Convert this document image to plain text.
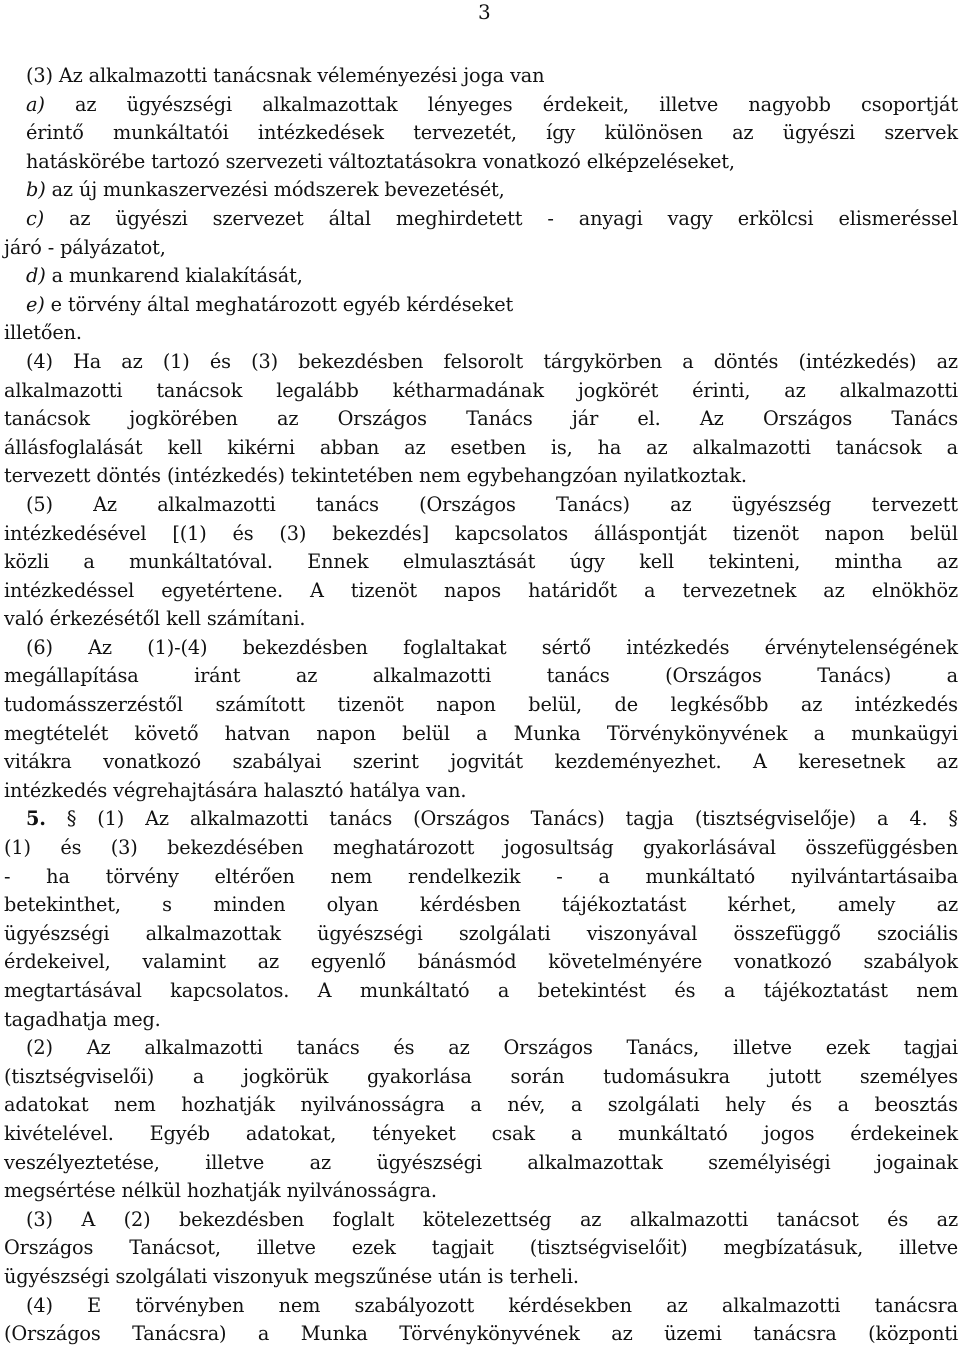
3
(3) Az alkalmazotti tanácsnak véleményezési joga van
a) az ügyészségi alkalmazottak lényeges érdekeit, illetve nagyobb csoportját
érintő munkáltatói intézkedések tervezetét, így különösen az ügyészi szervek
hatáskörébe tartozó szervezeti változtatásokra vonatkozó elképzeléseket,
b) az új munkaszervezési módszerek bevezetését,
c) az ügyészi szervezet által meghirdetett - anyagi vagy erkölcsi elismeréssel
járó - pályázatot,
d) a munkarend kialakítását,
e) e törvény által meghatározott egyéb kérdéseket
illetően.
(4) Ha az (1) és (3) bekezdésben felsorolt tárgykörben a döntés (intézkedés) az
alkalmazotti tanácsok legalább kétharmadának jogkörét érinti, az alkalmazotti
tanácsok jogkörében az Országos Tanács jár el. Az Országos Tanács
állásfoglalását kell kikérni abban az esetben is, ha az alkalmazotti tanácsok a
tervezett döntés (intézkedés) tekintetében nem egybehangzóan nyilatkoztak.
(5) Az alkalmazotti tanács (Országos Tanács) az ügyészség tervezett
intézkedésével [(1) és (3) bekezdés] kapcsolatos álláspontját tizenöt napon belül
közli a munkáltatóval. Ennek elmulasztását úgy kell tekinteni, mintha az
intézkedéssel egyetértene. A tizenöt napos határidőt a tervezetnek az elnökhöz
való érkezésétől kell számítani.
(6) Az (1)-(4) bekezdésben foglaltakat sértő intézkedés érvénytelenségének
megállapítása	iránt	az	alkalmazotti	tanács	(Országos	Tanács)	a
tudomásszerzéstől számított tizenöt napon belül, de legkésőbb az intézkedés
megtételét követő hatvan napon belül a Munka Törvénykönyvének a munkaügyi
vitákra vonatkozó szabályai szerint jogvitát kezdeményezhet. A keresetnek az
intézkedés végrehajtására halasztó hatálya van.
5. § (1) Az alkalmazotti tanács (Országos Tanács) tagja (tisztségviselője) a 4. §
(1) és (3) bekezdésében meghatározott jogosultság gyakorlásával összefüggésben
- ha törvény eltérően nem rendelkezik - a munkáltató nyilvántartásaiba
betekinthet, s minden olyan kérdésben tájékoztatást kérhet, amely az
ügyészségi alkalmazottak ügyészségi szolgálati viszonyával összefüggő szociális
érdekeivel, valamint az egyenlő bánásmód követelményére vonatkozó szabályok
megtartásával kapcsolatos. A munkáltató a betekintést és a tájékoztatást nem
tagadhatja meg.
(2) Az alkalmazotti tanács és az Országos Tanács, illetve ezek tagjai
(tisztségviselői) a jogkörük gyakorlása során tudomásukra jutott személyes
adatokat nem hozhatják nyilvánosságra a név, a szolgálati hely és a beosztás
kivételével. Egyéb adatokat, tényeket csak a munkáltató jogos érdekeinek
veszélyeztetése, illetve az ügyészségi alkalmazottak személyiségi jogainak
megsértése nélkül hozhatják nyilvánosságra.
(3) A (2) bekezdésben foglalt kötelezettség az alkalmazotti tanácsot és az
Országos Tanácsot, illetve ezek tagjait (tisztségviselőit) megbízatásuk, illetve
ügyészségi szolgálati viszonyuk megszűnése után is terheli.
(4) E törvényben nem szabályozott kérdésekben az alkalmazotti tanácsra
(Országos Tanácsra) a Munka Törvénykönyvének az üzemi tanácsra (központi
